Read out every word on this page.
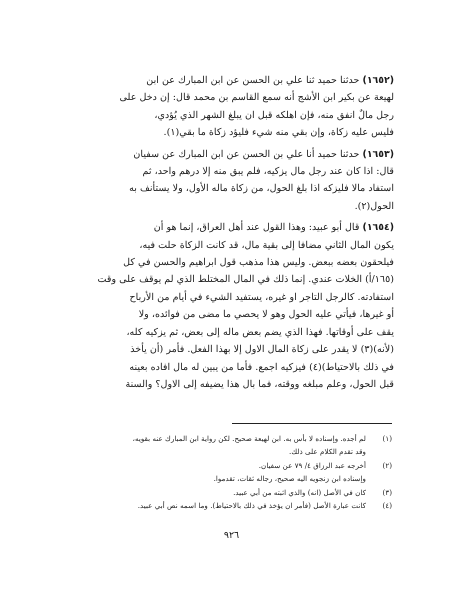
(١٦٥٢) حدثنا حميد ثنا علي بن الحسن عن ابن المبارك عن ابن
لهيعة عن بكير ابن الأشج أنه سمع القاسم بن محمد قال: إن دخل على
رجل مالٌ انفق منه، فإن اهلكه قبل ان يبلغ الشهر الذي يُؤدي،
فليس عليه زكاة، وإن بقي منه شيء فليؤد زكاة ما بقي(١).
(١٦٥٣) حدثنا حميد أنا علي بن الحسن عن ابن المبارك عن سفيان
قال: اذا كان عند رجل مال يزكيه، فلم يبق منه إلا درهم واحد، ثم
استفاد مالا فليزكه اذا بلغ الحول، من زكاة ماله الأول، ولا يستأنف به
الحول(٢).
(١٦٥٤) قال أبو عبيد: وهذا القول عند أهل العراق، إنما هو أن
يكون المال الثاني مضافا إلى بقية مال، قد كانت الزكاة حلت فيه،
فيلحقون بعضه ببعض. وليس هذا مذهب قول ابراهيم والحسن في كل
(١٦٥/أ) الخلات عندي. إنما ذلك في المال المختلط الذي لم يوقف على وقت
استفادته. كالرجل التاجر او غيره، يستفيد الشيء في أيام من الأرباح
أو غيرها، فيأتي عليه الحول وهو لا يحصي ما مضى من فوائده، ولا
يقف على أوقاتها. فهذا الذي يضم بعض ماله إلى بعض، ثم يزكيه كله،
(لأنه)(٣) لا يقدر على زكاة المال الاول إلا بهذا الفعل. فأمر (أن يأخذ
في ذلك بالاحتياط)(٤) فيزكيه اجمع. فأما من يبين له مال افاده بعينه
قبل الحول، وعلم مبلغه ووقته، فما بال هذا يضيفه إلى الاول؟ والسنة
(١)
لم أجده. وإسناده لا بأس به. ابن لهيعة صحيح. لكن رواية ابن المبارك عنه بقويه،
وقد تقدم الكلام على ذلك.
(٢)
أخرجه عبد الرزاق ٤/ ٧٩ عن سفيان.
وإسناده ابن زنجويه اليه صحيح، رجاله ثقات، تقدموا.
(٣)
كان في الأصل (انه) والذي اثبته من أبي عبيد.
(٤)
كانت عبارة الأصل (فأمر ان يؤخذ في ذلك بالاحتياط). وما اسمه نص أبي عبيد.
٩٢٦
